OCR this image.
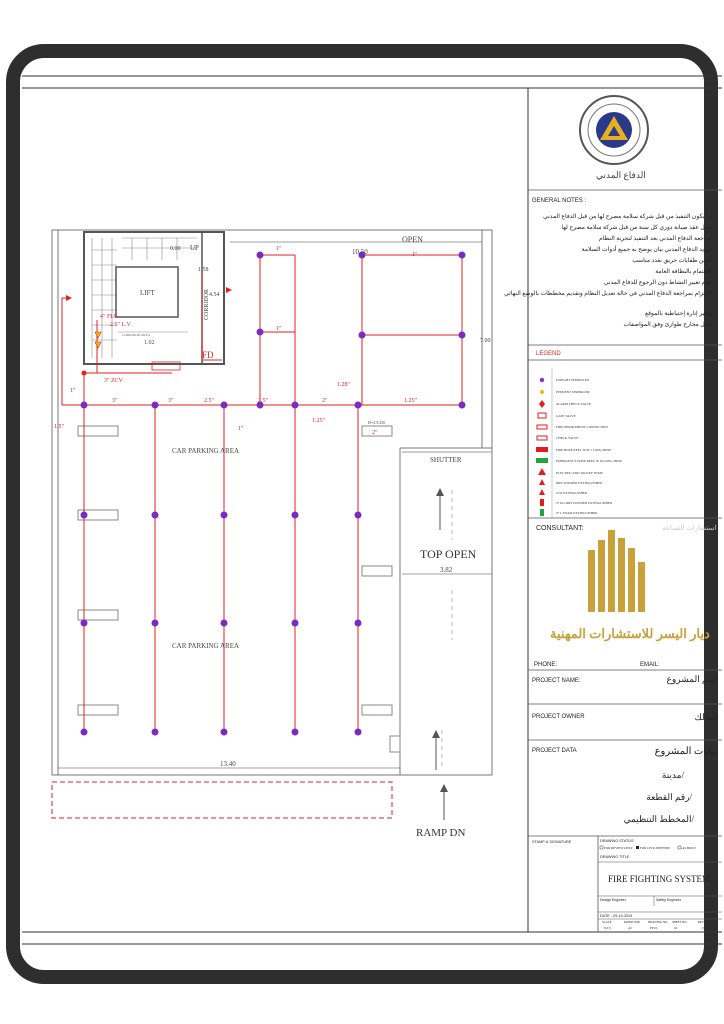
OPEN
UP
LIFT	CORRIDOR
CORRIDOR AREA
FD
CAR PARKING AREA
CAR PARKING AREA
SHUTTER
TOP OPEN
RAMP DN
3" ZCV
4" FIA
2.5" L.V
10.50
13.40
3.82
1.58
4.54
1.02	7.00
0.00
D=2.5/250
3"	3"	2.5"	2.5"	2"	1.25"
1.28"
1.5"
1.25"
2"
1"
1"
1"
1"
1"
الدفاع المدني
GENERAL NOTES :
أن يكون التنفيذ من قبل شركة سلامة مصرح لها من قبل الدفاع المدني
عمل عقد صيانة دوري كل سنة من قبل شركة سلامة مصرح لها
مراجعة الدفاع المدني بعد التنفيذ لتجربة النظام
تزويد الدفاع المدني بيان يوضح به جميع أدوات السلامة
تأمين طفايات حريق بعدد مناسب
الاهتمام بالنظافة العامة
عدم تغيير النشاط دون الرجوع للدفاع المدني
الالتزام بمراجعة الدفاع المدني في حالة تعديل النظام وتقديم مخططات بالوضع النهائي
توفير إنارة إحتياطية بالموقع
عمل مخارج طوارئ وفق المواصفات
LEGEND
UPRIGHT SPRINKLER
PENDENT SPRINKLER
ALARM CHECK VALVE
GATE VALVE
FIRE DEPARTMENT CONNECTION
CHECK VALVE
FIRE HOSE REEL 30 M 1 LONG HOSE
EMERGENCY HOSE REEL 30 M LONG HOSE
ELECTRIC AND JOCKEY PUMP
DRY POWDER EXTINGUISHER
CO2 EXTINGUISHER
27 KG DRY POWDER EXTINGUISHER
27 L FOAM EXTINGUISHER
CONSULTANT:	استشارات الصناعة
ديار اليسر للاستشارات المهنية
PHONE:	EMAIL:
PROJECT NAME:	اسم المشروع
PROJECT OWNER	المالك
PROJECT DATA	بيانات المشروع
مدينة/
رقم القطعة/
المخطط التنظيمي/
STAMP & SIGNATURE	DRAWING STATUS
FOR REVIEW ONLY FOR CIVIL DEFENSE	AS BUILT
DRAWING TITLE
FIRE FIGHTING SYSTEM
Design Engineer	Safety Engineer
DATE : 29-10-2024
SCALE	PAPER SIZE	DRAWING NO SHEET NO	REV
N.T.S	A3	F.F.01	02	0
